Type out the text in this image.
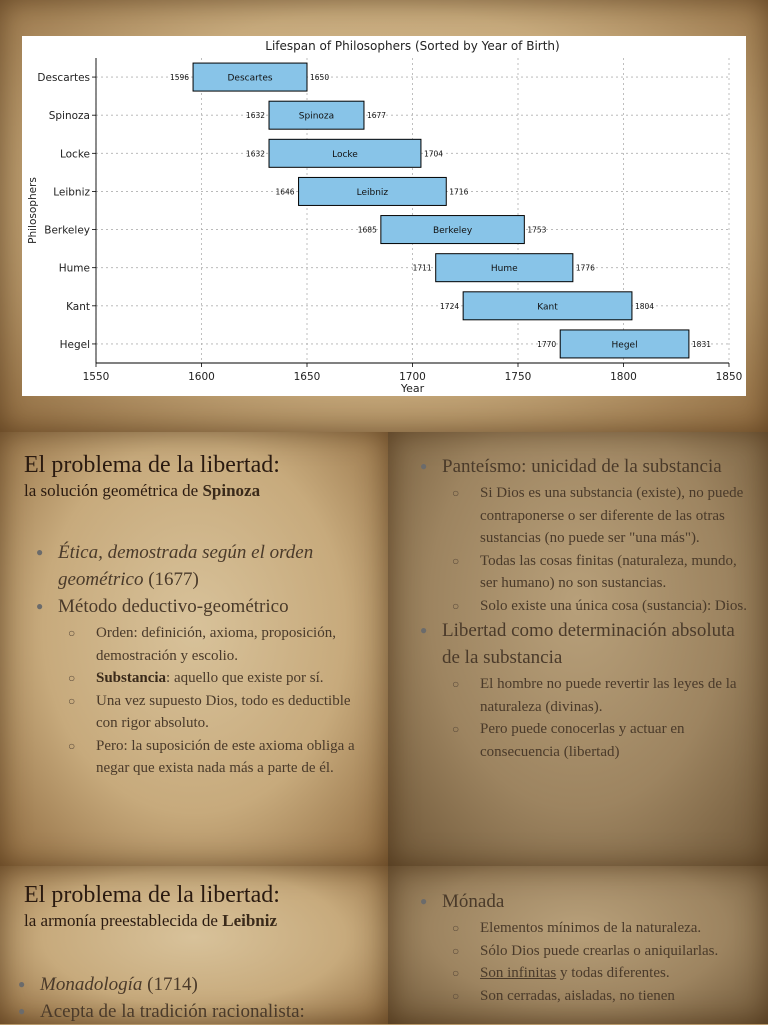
Lifespan of Philosophers (Sorted by Year of Birth)
1550	1600	1650	1700	1750	1800	1850
Hegel	Hegel
1770	1831
Kant	Kant
1724	1804
Hume	Hume
1711	1776
Berkeley	Berkeley
1685	1753
Leibniz	Leibniz
1646	1716
Locke	Locke
1632	1704
Spinoza	Spinoza
1632	1677
Descartes	Descartes
1596	1650
Year
Philosophers
El problema de la libertad:
la solución geométrica de Spinoza
● Ética, demostrada según el orden geométrico (1677)
● Método deductivo-geométrico
○ Orden: definición, axioma, proposición, demostración y escolio.
○ Substancia: aquello que existe por sí.
○ Una vez supuesto Dios, todo es deductible con rigor absoluto.
○ Pero: la suposición de este axioma obliga a negar que exista nada más a parte de él.
● Panteísmo: unicidad de la substancia
○ Si Dios es una substancia (existe), no puede contraponerse o ser diferente de las otras sustancias (no puede ser "una más").
○ Todas las cosas finitas (naturaleza, mundo, ser humano) no son sustancias.
○ Solo existe una única cosa (sustancia): Dios.
● Libertad como determinación absoluta de la substancia
○ El hombre no puede revertir las leyes de la naturaleza (divinas).
○ Pero puede conocerlas y actuar en consecuencia (libertad)
El problema de la libertad:
la armonía preestablecida de Leibniz
● Monadología (1714)
● Acepta de la tradición racionalista:
● Mónada
○ Elementos mínimos de la naturaleza.
○ Sólo Dios puede crearlas o aniquilarlas.
○ Son infinitas y todas diferentes.
○ Son cerradas, aisladas, no tienen
